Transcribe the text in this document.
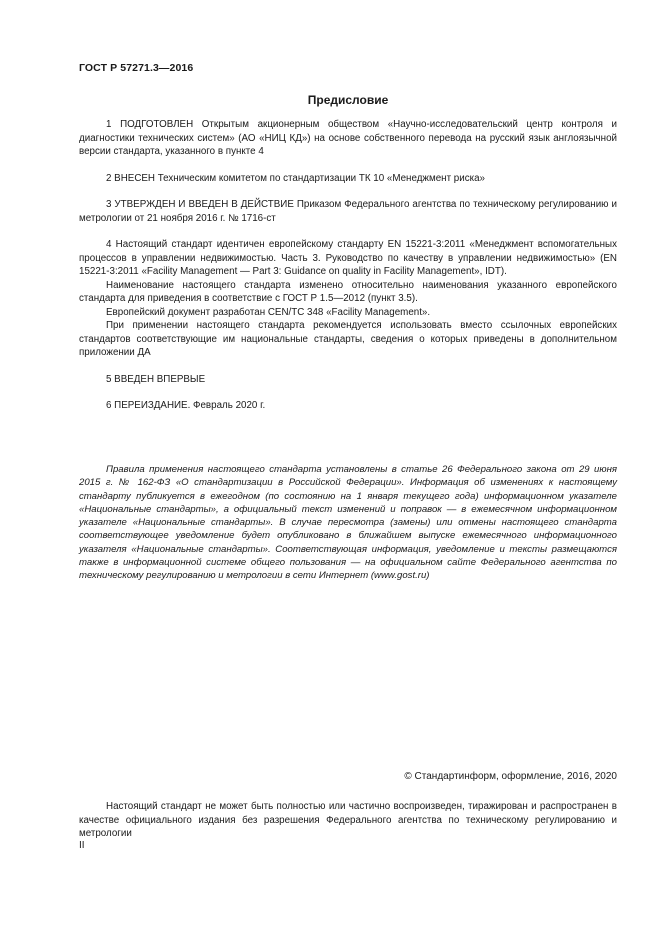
ГОСТ Р 57271.3—2016
Предисловие

1 ПОДГОТОВЛЕН Открытым акционерным обществом «Научно-исследовательский центр контроля и диагностики технических систем» (АО «НИЦ КД») на основе собственного перевода на русский язык англоязычной версии стандарта, указанного в пункте 4

2 ВНЕСЕН Техническим комитетом по стандартизации ТК 10 «Менеджмент риска»

3 УТВЕРЖДЕН И ВВЕДЕН В ДЕЙСТВИЕ Приказом Федерального агентства по техническому регулированию и метрологии от 21 ноября 2016 г. № 1716-ст

4 Настоящий стандарт идентичен европейскому стандарту EN 15221-3:2011 «Менеджмент вспомогательных процессов в управлении недвижимостью. Часть 3. Руководство по качеству в управлении недвижимостью» (EN 15221-3:2011 «Facility Management — Part 3: Guidance on quality in Facility Management», IDT).

Наименование настоящего стандарта изменено относительно наименования указанного европейского стандарта для приведения в соответствие с ГОСТ Р 1.5—2012 (пункт 3.5).

Европейский документ разработан CEN/TC 348 «Facility Management».

При применении настоящего стандарта рекомендуется использовать вместо ссылочных европейских стандартов соответствующие им национальные стандарты, сведения о которых приведены в дополнительном приложении ДА

5 ВВЕДЕН ВПЕРВЫЕ

6 ПЕРЕИЗДАНИЕ. Февраль 2020 г.

Правила применения настоящего стандарта установлены в статье 26 Федерального закона от 29 июня 2015 г. № 162-ФЗ «О стандартизации в Российской Федерации». Информация об изменениях к настоящему стандарту публикуется в ежегодном (по состоянию на 1 января текущего года) информационном указателе «Национальные стандарты», а официальный текст изменений и поправок — в ежемесячном информационном указателе «Национальные стандарты». В случае пересмотра (замены) или отмены настоящего стандарта соответствующее уведомление будет опубликовано в ближайшем выпуске ежемесячного информационного указателя «Национальные стандарты». Соответствующая информация, уведомление и тексты размещаются также в информационной системе общего пользования — на официальном сайте Федерального агентства по техническому регулированию и метрологии в сети Интернет (www.gost.ru)

© Стандартинформ, оформление, 2016, 2020

Настоящий стандарт не может быть полностью или частично воспроизведен, тиражирован и распространен в качестве официального издания без разрешения Федерального агентства по техническому регулированию и метрологии

II
